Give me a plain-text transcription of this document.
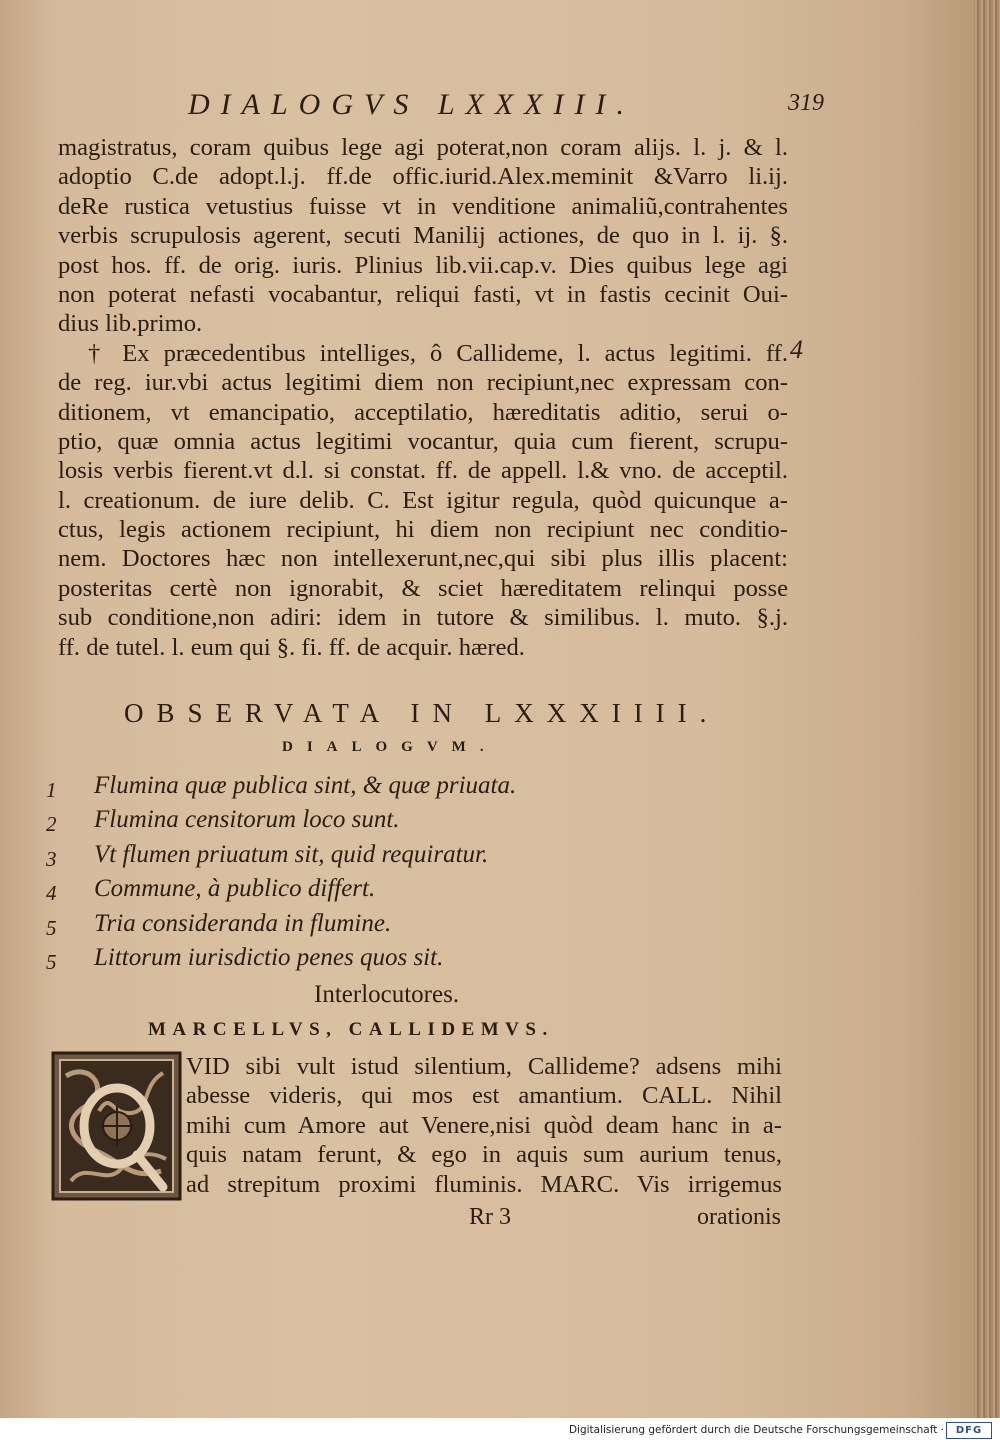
DIALOGVS LXXXIII.	319
magistratus, coram quibus lege agi poterat,non coram alijs. l. j. & l.
adoptio C.de adopt.l.j. ff.de offic.iurid.Alex.meminit &Varro li.ij.
deRe rustica vetustius fuisse vt in venditione animaliũ,contrahentes
verbis scrupulosis agerent, secuti Manilij actiones, de quo in l. ij. §.
post hos. ff. de orig. iuris. Plinius lib.vii.cap.v. Dies quibus lege agi
non poterat nefasti vocabantur, reliqui fasti, vt in fastis cecinit Oui-
dius lib.primo.
† Ex præcedentibus intelliges, ô Callideme, l. actus legitimi. ff.
de reg. iur.vbi actus legitimi diem non recipiunt,nec expressam con-
ditionem, vt emancipatio, acceptilatio, hæreditatis aditio, serui o-
ptio, quæ omnia actus legitimi vocantur, quia cum fierent, scrupu-
losis verbis fierent.vt d.l. si constat. ff. de appell. l.& vno. de acceptil.
l. creationum. de iure delib. C. Est igitur regula, quòd quicunque a-
ctus, legis actionem recipiunt, hi diem non recipiunt nec conditio-
nem. Doctores hæc non intellexerunt,nec,qui sibi plus illis placent:
posteritas certè non ignorabit, & sciet hæreditatem relinqui posse
sub conditione,non adiri: idem in tutore & similibus. l. muto. §.j.
ff. de tutel. l. eum qui §. fi. ff. de acquir. hæred.
4
OBSERVATA IN LXXXIIII.
DIALOGVM.
1	Flumina quæ publica sint, & quæ priuata.
2	Flumina censitorum loco sunt.
3	Vt flumen priuatum sit, quid requiratur.
4	Commune, à publico differt.
5	Tria consideranda in flumine.
5	Littorum iurisdictio penes quos sit.
Interlocutores.
MARCELLVS, CALLIDEMVS.
VID sibi vult istud silentium, Callideme? adsens mihi
abesse videris, qui mos est amantium. CALL. Nihil
mihi cum Amore aut Venere,nisi quòd deam hanc in a-
quis natam ferunt, & ego in aquis sum aurium tenus,
ad strepitum proximi fluminis. MARC. Vis irrigemus
Rr 3	orationis
Digitalisierung gefördert durch die Deutsche Forschungsgemeinschaft ·	DFG
